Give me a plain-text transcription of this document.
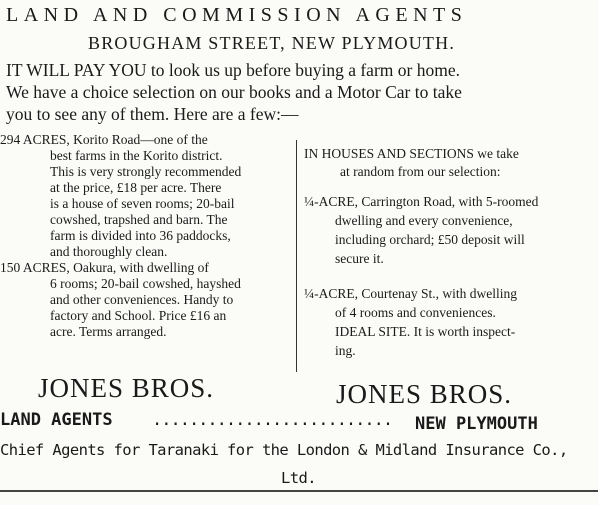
LAND AND COMMISSION AGENTS
BROUGHAM STREET, NEW PLYMOUTH.
IT WILL PAY YOU to look us up before buying a farm or home.
We have a choice selection on our books and a Motor Car to take
you to see any of them. Here are a few:—
294 ACRES, Korito Road—one of the
best farms in the Korito district.
This is very strongly recommended
at the price, £18 per acre. There
is a house of seven rooms; 20-bail
cowshed, trapshed and barn. The
farm is divided into 36 paddocks,
and thoroughly clean.
150 ACRES, Oakura, with dwelling of
6 rooms; 20-bail cowshed, hayshed
and other conveniences. Handy to
factory and School. Price £16 an
acre. Terms arranged.
IN HOUSES AND SECTIONS we take
at random from our selection:
¼-ACRE, Carrington Road, with 5-roomed
dwelling and every convenience,
including orchard; £50 deposit will
secure it.
¼-ACRE, Courtenay St., with dwelling
of 4 rooms and conveniences.
IDEAL SITE. It is worth inspect-
ing.
JONES BROS.	JONES BROS.
LAND AGENTS .......................... NEW PLYMOUTH
Chief Agents for Taranaki for the London & Midland Insurance Co.,
Ltd.
